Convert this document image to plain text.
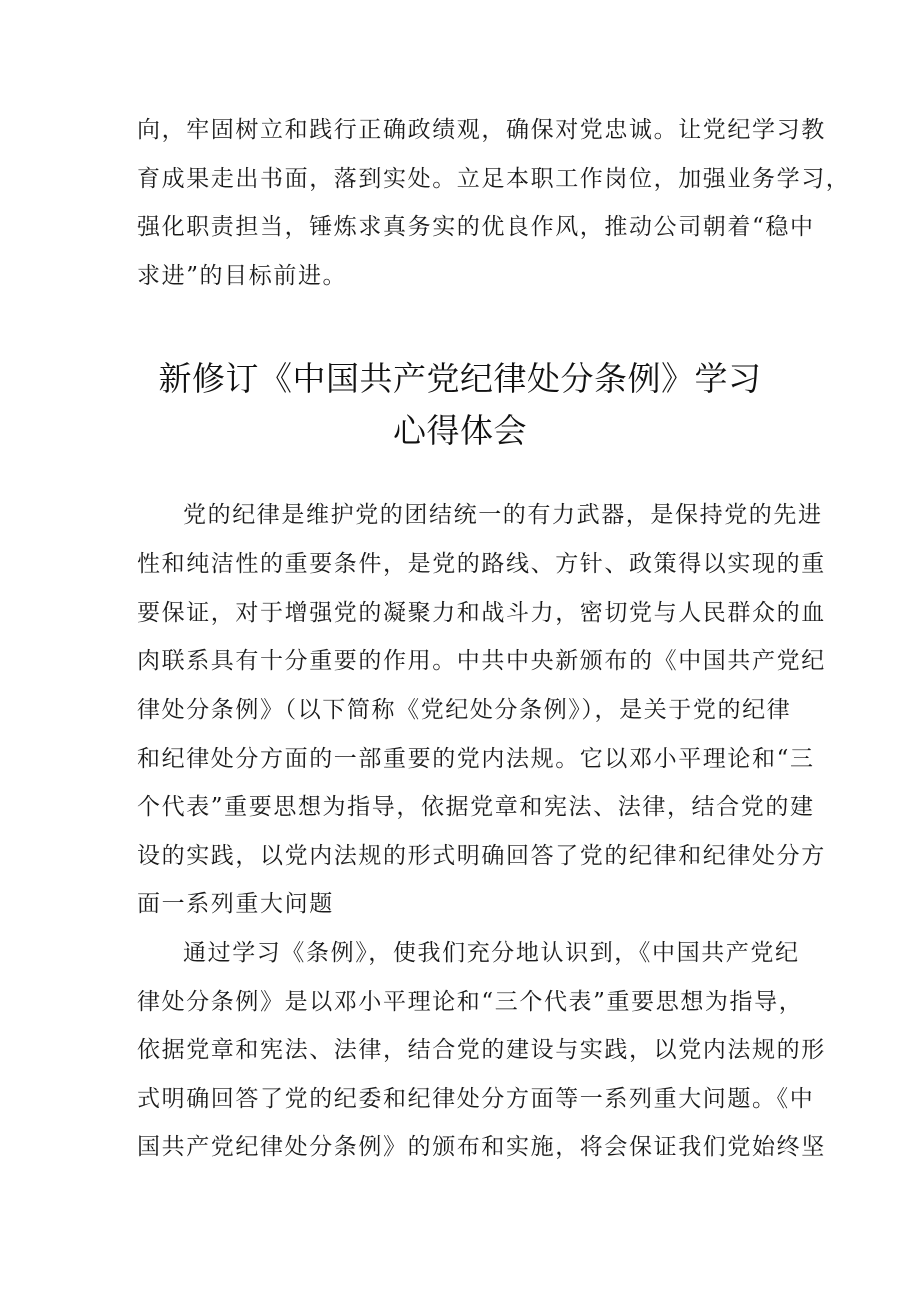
向，牢固树立和践行正确政绩观，确保对党忠诚。让党纪学习教
育成果走出书面，落到实处。立足本职工作岗位，加强业务学习，
强化职责担当，锤炼求真务实的优良作风，推动公司朝着“稳中
求进”的目标前进。
新修订《中国共产党纪律处分条例》学习
心得体会
党的纪律是维护党的团结统一的有力武器，是保持党的先进
性和纯洁性的重要条件，是党的路线、方针、政策得以实现的重
要保证，对于增强党的凝聚力和战斗力，密切党与人民群众的血
肉联系具有十分重要的作用。中共中央新颁布的《中国共产党纪
律处分条例》（以下简称《党纪处分条例》），是关于党的纪律
和纪律处分方面的一部重要的党内法规。它以邓小平理论和“三
个代表”重要思想为指导，依据党章和宪法、法律，结合党的建
设的实践，以党内法规的形式明确回答了党的纪律和纪律处分方
面一系列重大问题
通过学习《条例》，使我们充分地认识到，《中国共产党纪
律处分条例》是以邓小平理论和“三个代表”重要思想为指导，
依据党章和宪法、法律，结合党的建设与实践，以党内法规的形
式明确回答了党的纪委和纪律处分方面等一系列重大问题。《中
国共产党纪律处分条例》的颁布和实施，将会保证我们党始终坚
